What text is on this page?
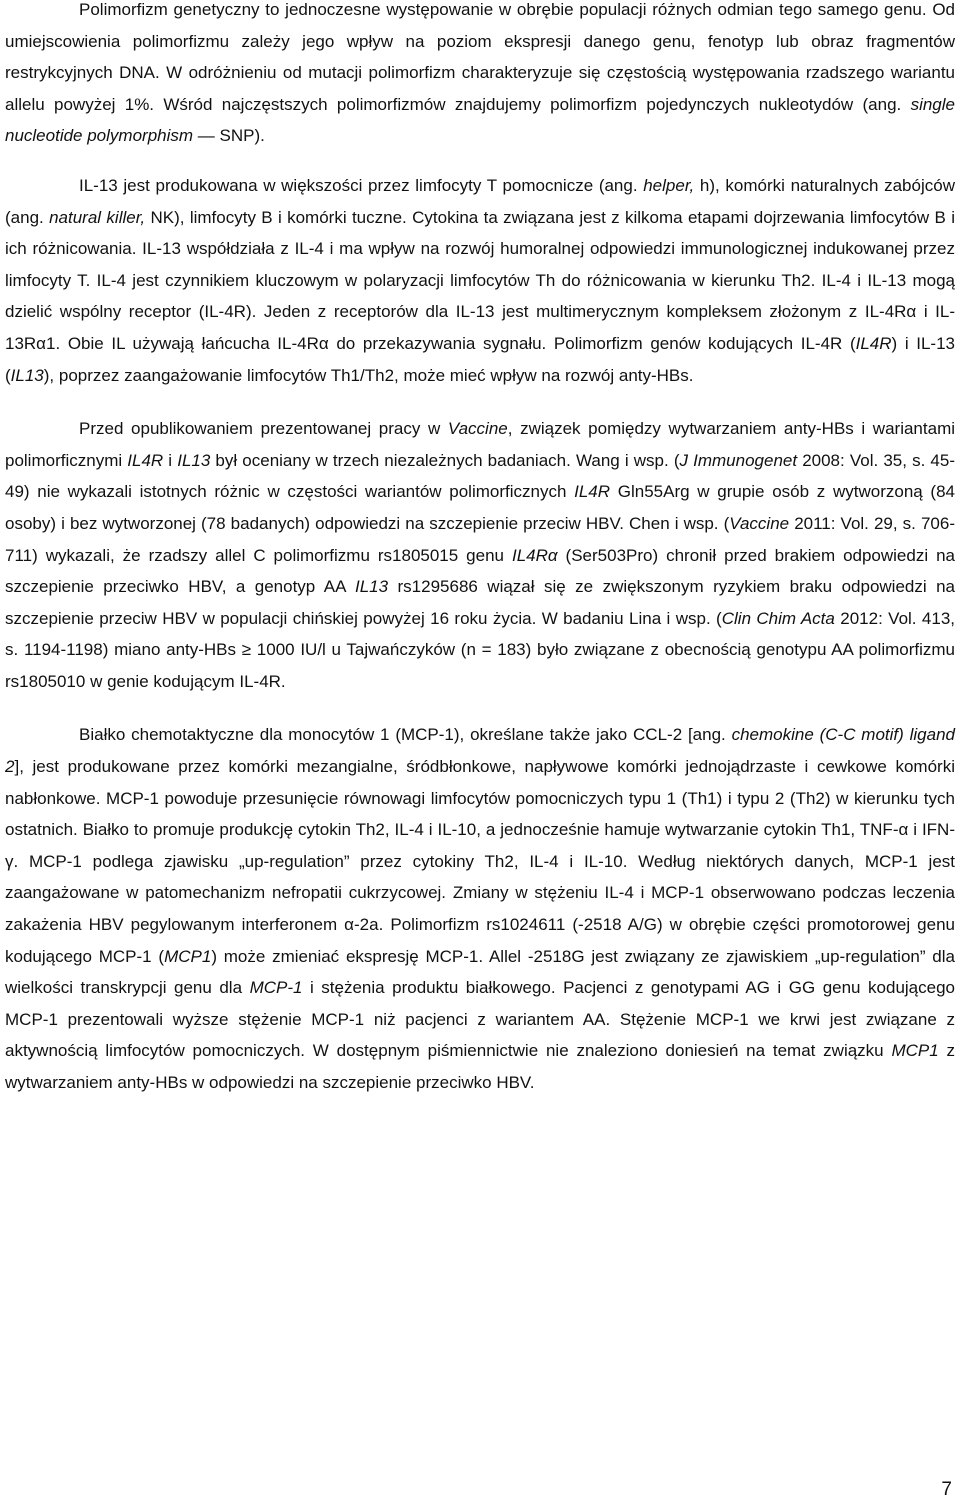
Polimorfizm genetyczny to jednoczesne występowanie w obrębie populacji różnych odmian tego samego genu. Od umiejscowienia polimorfizmu zależy jego wpływ na poziom ekspresji danego genu, fenotyp lub obraz fragmentów restrykcyjnych DNA. W odróżnieniu od mutacji polimorfizm charakteryzuje się częstością występowania rzadszego wariantu allelu powyżej 1%. Wśród najczęstszych polimorfizmów znajdujemy polimorfizm pojedynczych nukleotydów (ang. single nucleotide polymorphism — SNP).

IL-13 jest produkowana w większości przez limfocyty T pomocnicze (ang. helper, h), komórki naturalnych zabójców (ang. natural killer, NK), limfocyty B i komórki tuczne. Cytokina ta związana jest z kilkoma etapami dojrzewania limfocytów B i ich różnicowania. IL-13 współdziała z IL-4 i ma wpływ na rozwój humoralnej odpowiedzi immunologicznej indukowanej przez limfocyty T. IL-4 jest czynnikiem kluczowym w polaryzacji limfocytów Th do różnicowania w kierunku Th2. IL-4 i IL-13 mogą dzielić wspólny receptor (IL-4R). Jeden z receptorów dla IL-13 jest multimerycznym kompleksem złożonym z IL-4Rα i IL-13Rα1. Obie IL używają łańcucha IL-4Rα do przekazywania sygnału. Polimorfizm genów kodujących IL-4R (IL4R) i IL-13 (IL13), poprzez zaangażowanie limfocytów Th1/Th2, może mieć wpływ na rozwój anty-HBs.

Przed opublikowaniem prezentowanej pracy w Vaccine, związek pomiędzy wytwarzaniem anty-HBs i wariantami polimorficznymi IL4R i IL13 był oceniany w trzech niezależnych badaniach. Wang i wsp. (J Immunogenet 2008: Vol. 35, s. 45-49) nie wykazali istotnych różnic w częstości wariantów polimorficznych IL4R Gln55Arg w grupie osób z wytworzoną (84 osoby) i bez wytworzonej (78 badanych) odpowiedzi na szczepienie przeciw HBV. Chen i wsp. (Vaccine 2011: Vol. 29, s. 706-711) wykazali, że rzadszy allel C polimorfizmu rs1805015 genu IL4Rα (Ser503Pro) chronił przed brakiem odpowiedzi na szczepienie przeciwko HBV, a genotyp AA IL13 rs1295686 wiązał się ze zwiększonym ryzykiem braku odpowiedzi na szczepienie przeciw HBV w populacji chińskiej powyżej 16 roku życia. W badaniu Lina i wsp. (Clin Chim Acta 2012: Vol. 413, s. 1194-1198) miano anty-HBs ≥ 1000 IU/l u Tajwańczyków (n = 183) było związane z obecnością genotypu AA polimorfizmu rs1805010 w genie kodującym IL-4R.

Białko chemotaktyczne dla monocytów 1 (MCP-1), określane także jako CCL-2 [ang. chemokine (C-C motif) ligand 2], jest produkowane przez komórki mezangialne, śródbłonkowe, napływowe komórki jednojądrzaste i cewkowe komórki nabłonkowe. MCP-1 powoduje przesunięcie równowagi limfocytów pomocniczych typu 1 (Th1) i typu 2 (Th2) w kierunku tych ostatnich. Białko to promuje produkcję cytokin Th2, IL-4 i IL-10, a jednocześnie hamuje wytwarzanie cytokin Th1, TNF-α i IFN-γ. MCP-1 podlega zjawisku „up-regulation” przez cytokiny Th2, IL-4 i IL-10. Według niektórych danych, MCP-1 jest zaangażowane w patomechanizm nefropatii cukrzycowej. Zmiany w stężeniu IL-4 i MCP-1 obserwowano podczas leczenia zakażenia HBV pegylowanym interferonem α-2a. Polimorfizm rs1024611 (-2518 A/G) w obrębie części promotorowej genu kodującego MCP-1 (MCP1) może zmieniać ekspresję MCP-1. Allel -2518G jest związany ze zjawiskiem „up-regulation” dla wielkości transkrypcji genu dla MCP-1 i stężenia produktu białkowego. Pacjenci z genotypami AG i GG genu kodującego MCP-1 prezentowali wyższe stężenie MCP-1 niż pacjenci z wariantem AA. Stężenie MCP-1 we krwi jest związane z aktywnością limfocytów pomocniczych. W dostępnym piśmiennictwie nie znaleziono doniesień na temat związku MCP1 z wytwarzaniem anty-HBs w odpowiedzi na szczepienie przeciwko HBV.

7
